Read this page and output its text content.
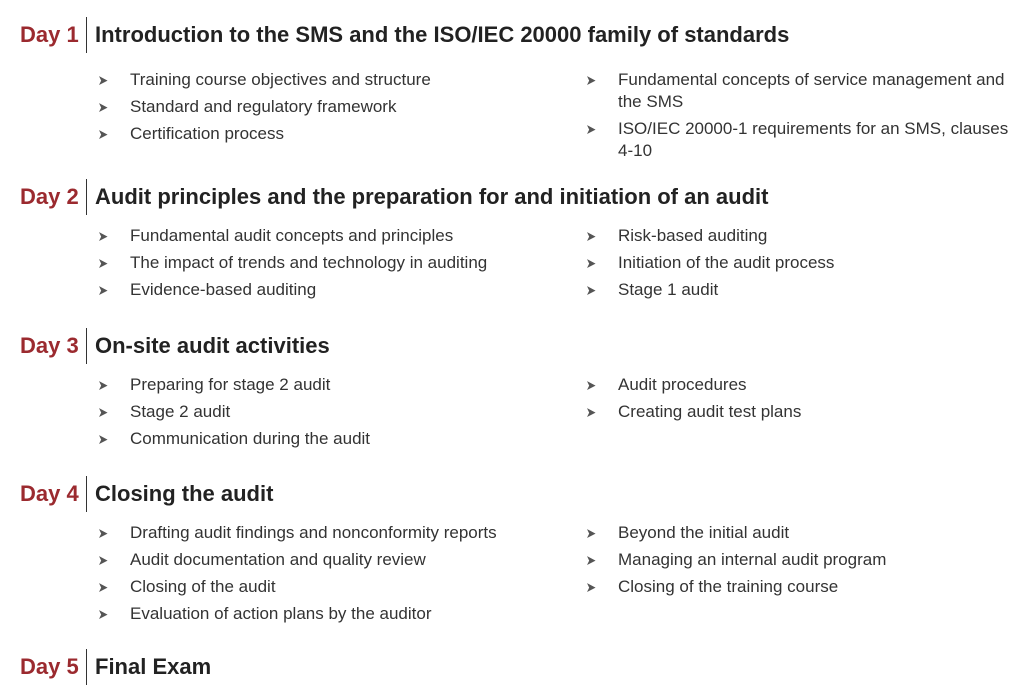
Day 1 Introduction to the SMS and the ISO/IEC 20000 family of standards
➤ Training course objectives and structure
➤ Standard and regulatory framework
➤ Certification process
➤ Fundamental concepts of service management and the SMS
➤ ISO/IEC 20000-1 requirements for an SMS, clauses 4-10
Day 2 Audit principles and the preparation for and initiation of an audit
➤ Fundamental audit concepts and principles
➤ The impact of trends and technology in auditing
➤ Evidence-based auditing
➤ Risk-based auditing
➤ Initiation of the audit process
➤ Stage 1 audit
Day 3 On-site audit activities
➤ Preparing for stage 2 audit
➤ Stage 2 audit
➤ Communication during the audit
➤ Audit procedures
➤ Creating audit test plans
Day 4 Closing the audit
➤ Drafting audit findings and nonconformity reports
➤ Audit documentation and quality review
➤ Closing of the audit
➤ Evaluation of action plans by the auditor
➤ Beyond the initial audit
➤ Managing an internal audit program
➤ Closing of the training course
Day 5 Final Exam
